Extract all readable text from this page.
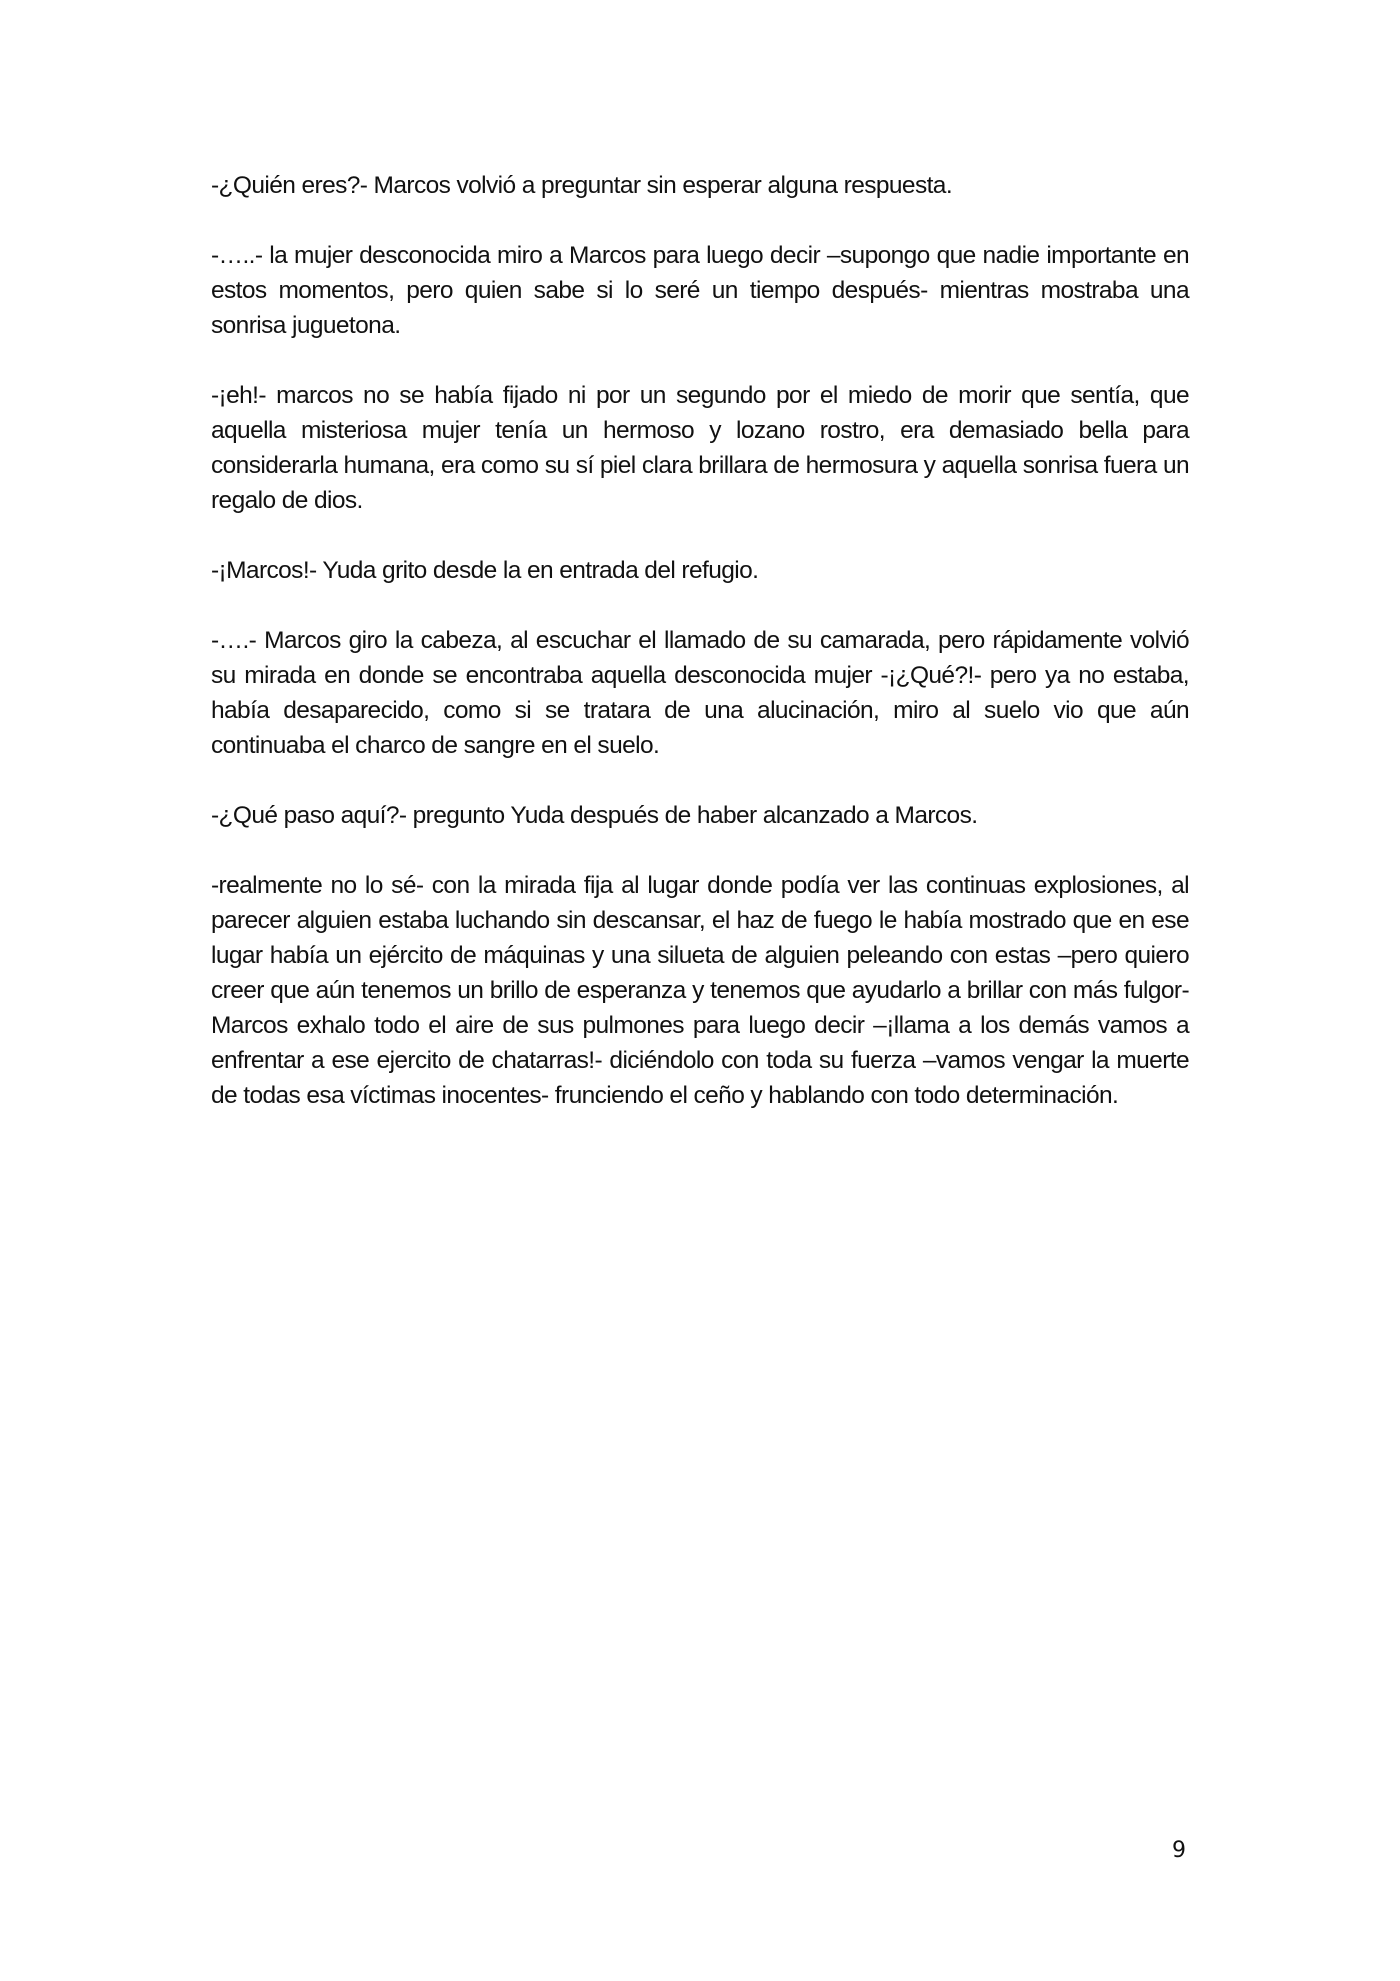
-¿Quién eres?- Marcos volvió a preguntar sin esperar alguna respuesta.

-…..- la mujer desconocida miro a Marcos para luego decir –supongo que nadie importante en estos momentos, pero quien sabe si lo seré un tiempo después- mientras mostraba una sonrisa juguetona.

-¡eh!- marcos no se había fijado ni por un segundo por el miedo de morir que sentía, que aquella misteriosa mujer tenía un hermoso y lozano rostro, era demasiado bella para considerarla humana, era como su sí piel clara brillara de hermosura y aquella sonrisa fuera un regalo de dios.

-¡Marcos!- Yuda grito desde la en entrada del refugio.

-….- Marcos giro la cabeza, al escuchar el llamado de su camarada, pero rápidamente volvió su mirada en donde se encontraba aquella desconocida mujer -¡¿Qué?!- pero ya no estaba, había desaparecido, como si se tratara de una alucinación, miro al suelo vio que aún continuaba el charco de sangre en el suelo.

-¿Qué paso aquí?- pregunto Yuda después de haber alcanzado a Marcos.

-realmente no lo sé- con la mirada fija al lugar donde podía ver las continuas explosiones, al parecer alguien estaba luchando sin descansar, el haz de fuego le había mostrado que en ese lugar había un ejército de máquinas y una silueta de alguien peleando con estas –pero quiero creer que aún tenemos un brillo de esperanza y tenemos que ayudarlo a brillar con más fulgor- Marcos exhalo todo el aire de sus pulmones para luego decir –¡llama a los demás vamos a enfrentar a ese ejercito de chatarras!- diciéndolo con toda su fuerza –vamos vengar la muerte de todas esa víctimas inocentes- frunciendo el ceño y hablando con todo determinación.

9
